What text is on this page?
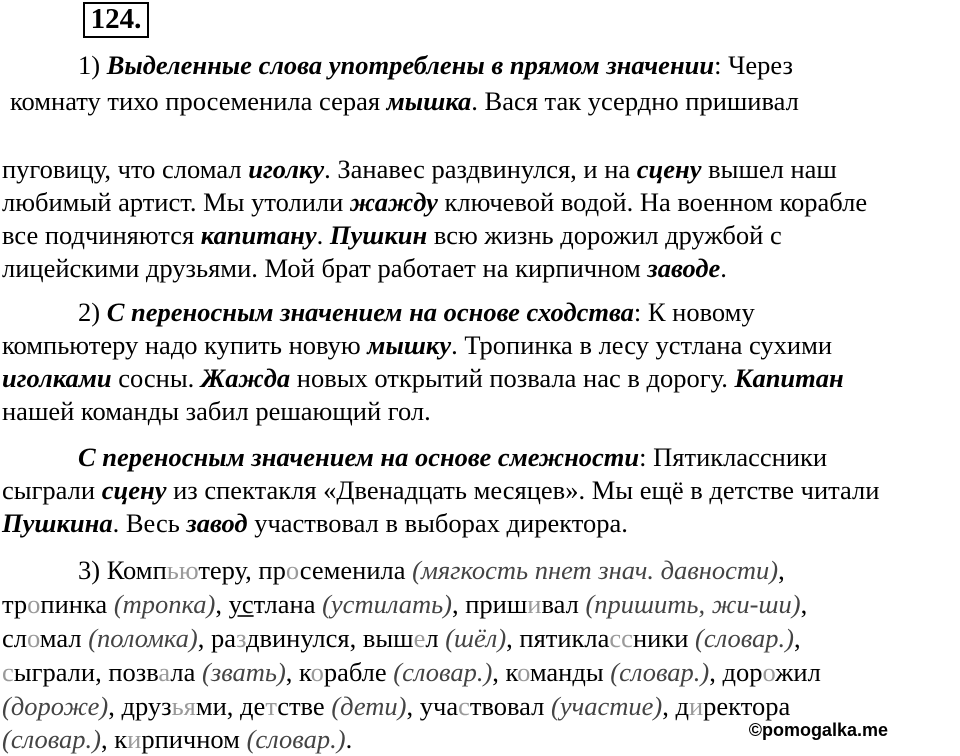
124.
1) Выделенные слова употреблены в прямом значении: Через
комнату тихо просеменила серая мышка. Вася так усердно пришивал
пуговицу, что сломал иголку. Занавес раздвинулся, и на сцену вышел наш
любимый артист. Мы утолили жажду ключевой водой. На военном корабле
все подчиняются капитану. Пушкин всю жизнь дорожил дружбой с
лицейскими друзьями. Мой брат работает на кирпичном заводе.
2) С переносным значением на основе сходства: К новому
компьютеру надо купить новую мышку. Тропинка в лесу устлана сухими
иголками сосны. Жажда новых открытий позвала нас в дорогу. Капитан
нашей команды забил решающий гол.
С переносным значением на основе смежности: Пятиклассники
сыграли сцену из спектакля «Двенадцать месяцев». Мы ещё в детстве читали
Пушкина. Весь завод участвовал в выборах директора.
3) Компьютеру, просеменила (мягкость пнет знач. давности),
тропинка (тропка), устлана (устилать), пришивал (пришить, жи-ши),
сломал (поломка), раздвинулся, вышел (шёл), пятиклассники (словар.),
сыграли, позвала (звать), корабле (словар.), команды (словар.), дорожил
(дороже), друзьями, детстве (дети), участвовал (участие), директора
(словар.), кирпичном (словар.).	©pomogalka.me
